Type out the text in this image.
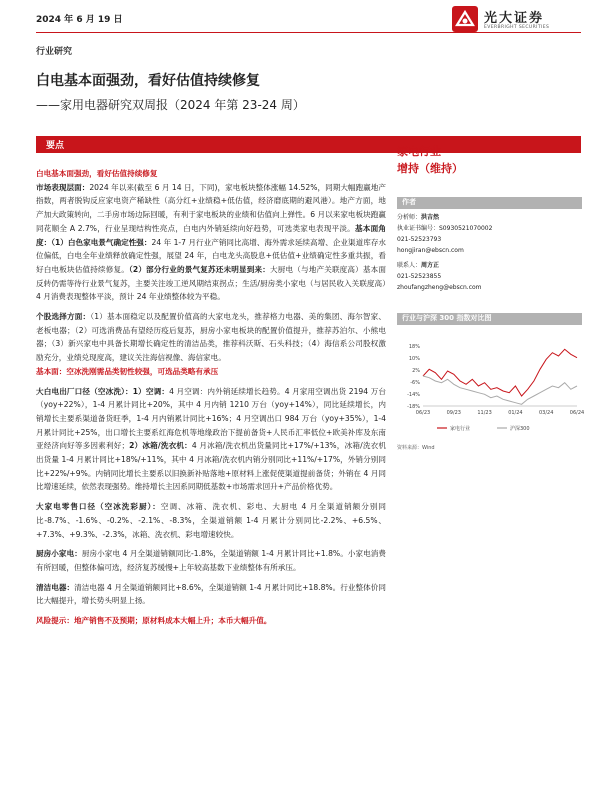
2024 年 6 月 19 日	光大证券
EVERBRIGHT SECURITIES
行业研究
白电基本面强劲，看好估值持续修复
——家用电器研究双周报（2024 年第 23-24 周）
要点

白电基本面强劲，看好估值持续修复

市场表现层面：2024 年以来(截至 6 月 14 日，下同)，家电板块整体涨幅 14.52%，同期大幅跑赢地产指数，两者脱钩反应家电资产稀缺性（高分红+业绩稳+低估值，经济磨底期的避风港）。地产方面，地产加大政策转向，二手房市场边际回暖，有利于家电板块的业绩和估值向上弹性。6 月以来家电板块跑赢同花顺全 A 2.7%，行业呈现结构性亮点，白电内外销延续向好趋势，可选类家电表现平淡。基本面角度：（1）白色家电景气确定性强：24 年 1-7 月行业产销同比高增、海外需求延续高增、企业渠道库存水位偏低，白电全年业绩释放确定性强，展望 24 年，白电龙头高股息+低估值+业绩确定性多重共振，看好白电板块估值持续修复。（2）部分行业的景气复苏还未明显到来：大厨电（与地产关联度高）基本面反转仍需等待行业景气复苏，主要关注竣工逆风期结束拐点；生活/厨房类小家电（与居民收入关联度高）4 月消费表现整体平淡，预计 24 年业绩整体较为平稳。

个股选择方面：（1）基本面稳定以及配置价值高的大家电龙头，推荐格力电器、美的集团、海尔智家、老板电器；（2）可选消费品有望经历疫后复苏，厨房小家电板块的配置价值提升，推荐苏泊尔、小熊电器；（3）新兴家电中具备长期增长确定性的清洁品类，推荐科沃斯、石头科技；（4）海信系公司股权激励充分，业绩兑现度高，建议关注海信视像、海信家电。

基本面：空冰洗刚需品类韧性较强，可选品类略有承压

大白电出厂口径（空冰洗）：1）空调：4 月空调：内外销延续增长趋势。4 月家用空调出货 2194 万台（yoy+22%），1-4 月累计同比+20%，其中 4 月内销 1210 万台（yoy+14%），同比延续增长，内销增长主要系渠道备货旺季，1-4 月内销累计同比+16%；4 月空调出口 984 万台（yoy+35%），1-4 月累计同比+25%，出口增长主要系红海危机等地缘政治下提前备货+人民币汇率低位+欧美补库及东南亚经济向好等多因素利好；2）冰箱/洗衣机：4 月冰箱/洗衣机出货量同比+17%/+13%，冰箱/洗衣机出货量 1-4 月累计同比+18%/+11%，其中 4 月冰箱/洗衣机内销分别同比+11%/+17%，外销分别同比+22%/+9%。内销同比增长主要系以旧换新补贴落地+原材料上涨促使渠道提前备货；外销在 4 月同比增速延续，依然表现强势。维持增长主因系同期低基数+市场需求回升+产品价格优势。

大家电零售口径（空冰洗彩厨）：空调、冰箱、洗衣机、彩电、大厨电 4 月全渠道销额分别同比-8.7%、-1.6%、-0.2%、-2.1%、-8.3%，全渠道销额 1-4 月累计分别同比-2.2%、+6.5%、+7.3%、+9.3%、-2.3%，冰箱、洗衣机、彩电增速较快。

厨房小家电：厨房小家电 4 月全渠道销额同比-1.8%，全渠道销额 1-4 月累计同比+1.8%。小家电消费有所回暖，但整体偏可选，经济复苏缓慢+上年较高基数下业绩整体有所承压。

清洁电器：清洁电器 4 月全渠道销额同比+8.6%，全渠道销额 1-4 月累计同比+18.8%。行业整体价同比大幅提升，增长势头明显上扬。

风险提示：地产销售不及预期；原材料成本大幅上升；本币大幅升值。

家电行业
增持（维持）
作者
分析师：洪吉然
执业证书编号：S0930521070002
021-52523793
hongjiran@ebscn.com
联系人：周方正
021-52523855
zhoufangzheng@ebscn.com
行业与沪深 300 指数对比图
18%
10%
2%
-6%
-14%
-18%
06/23	09/23	11/23	01/24	03/24	06/24
家电行业	沪深300
资料来源：Wind
